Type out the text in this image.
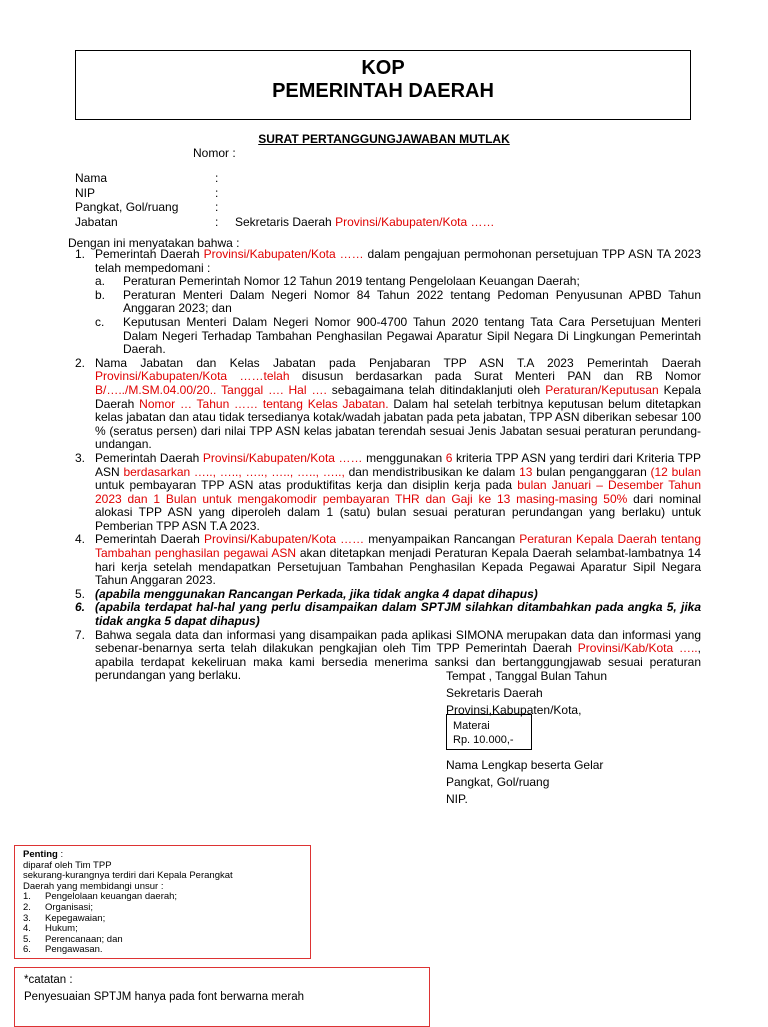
KOP
PEMERINTAH DAERAH
SURAT PERTANGGUNGJAWABAN MUTLAK
Nomor :
Nama	:
NIP	:
Pangkat, Gol/ruang	:
Jabatan	:	Sekretaris Daerah Provinsi/Kabupaten/Kota ……
Dengan ini menyatakan bahwa :
1. Pemerintah Daerah Provinsi/Kabupaten/Kota …… dalam pengajuan permohonan persetujuan TPP ASN TA 2023 telah mempedomani :
a.	Peraturan Pemerintah Nomor 12 Tahun 2019 tentang Pengelolaan Keuangan Daerah;
b.	Peraturan Menteri Dalam Negeri Nomor 84 Tahun 2022 tentang Pedoman Penyusunan APBD Tahun Anggaran 2023; dan
c.	Keputusan Menteri Dalam Negeri Nomor 900-4700 Tahun 2020 tentang Tata Cara Persetujuan Menteri Dalam Negeri Terhadap Tambahan Penghasilan Pegawai Aparatur Sipil Negara Di Lingkungan Pemerintah Daerah.
2. Nama Jabatan dan Kelas Jabatan pada Penjabaran TPP ASN T.A 2023 Pemerintah Daerah Provinsi/Kabupaten/Kota ……telah disusun berdasarkan pada Surat Menteri PAN dan RB Nomor B/…../M.SM.04.00/20.. Tanggal …. Hal …. sebagaimana telah ditindaklanjuti oleh Peraturan/Keputusan Kepala Daerah Nomor … Tahun …… tentang Kelas Jabatan. Dalam hal setelah terbitnya keputusan belum ditetapkan kelas jabatan dan atau tidak tersedianya kotak/wadah jabatan pada peta jabatan, TPP ASN diberikan sebesar 100 % (seratus persen) dari nilai TPP ASN kelas jabatan terendah sesuai Jenis Jabatan sesuai peraturan perundang-undangan.
3. Pemerintah Daerah Provinsi/Kabupaten/Kota …… menggunakan 6 kriteria TPP ASN yang terdiri dari Kriteria TPP ASN berdasarkan ….., ….., ….., ….., ….., ….., dan mendistribusikan ke dalam 13 bulan penganggaran (12 bulan untuk pembayaran TPP ASN atas produktifitas kerja dan disiplin kerja pada bulan Januari – Desember Tahun 2023 dan 1 Bulan untuk mengakomodir pembayaran THR dan Gaji ke 13 masing-masing 50% dari nominal alokasi TPP ASN yang diperoleh dalam 1 (satu) bulan sesuai peraturan perundangan yang berlaku) untuk Pemberian TPP ASN T.A 2023.
4. Pemerintah Daerah Provinsi/Kabupaten/Kota …… menyampaikan Rancangan Peraturan Kepala Daerah tentang Tambahan penghasilan pegawai ASN akan ditetapkan menjadi Peraturan Kepala Daerah selambat-lambatnya 14 hari kerja setelah mendapatkan Persetujuan Tambahan Penghasilan Kepada Pegawai Aparatur Sipil Negara Tahun Anggaran 2023.
5. (apabila menggunakan Rancangan Perkada, jika tidak angka 4 dapat dihapus)
6. (apabila terdapat hal-hal yang perlu disampaikan dalam SPTJM silahkan ditambahkan pada angka 5, jika tidak angka 5 dapat dihapus)
7. Bahwa segala data dan informasi yang disampaikan pada aplikasi SIMONA merupakan data dan informasi yang sebenar-benarnya serta telah dilakukan pengkajian oleh Tim TPP Pemerintah Daerah Provinsi/Kab/Kota ….., apabila terdapat kekeliruan maka kami bersedia menerima sanksi dan bertanggungjawab sesuai peraturan perundangan yang berlaku.	Tempat , Tanggal Bulan Tahun
Sekretaris Daerah
Provinsi,Kabupaten/Kota,
Materai
Rp. 10.000,-
Nama Lengkap beserta Gelar
Pangkat, Gol/ruang
NIP.
Penting :
diparaf oleh Tim TPP
sekurang-kurangnya terdiri dari Kepala Perangkat
Daerah yang membidangi unsur :
1.	Pengelolaan keuangan daerah;
2.	Organisasi;
3.	Kepegawaian;
4.	Hukum;
5.	Perencanaan; dan
6.	Pengawasan.
*catatan :
Penyesuaian SPTJM hanya pada font berwarna merah
